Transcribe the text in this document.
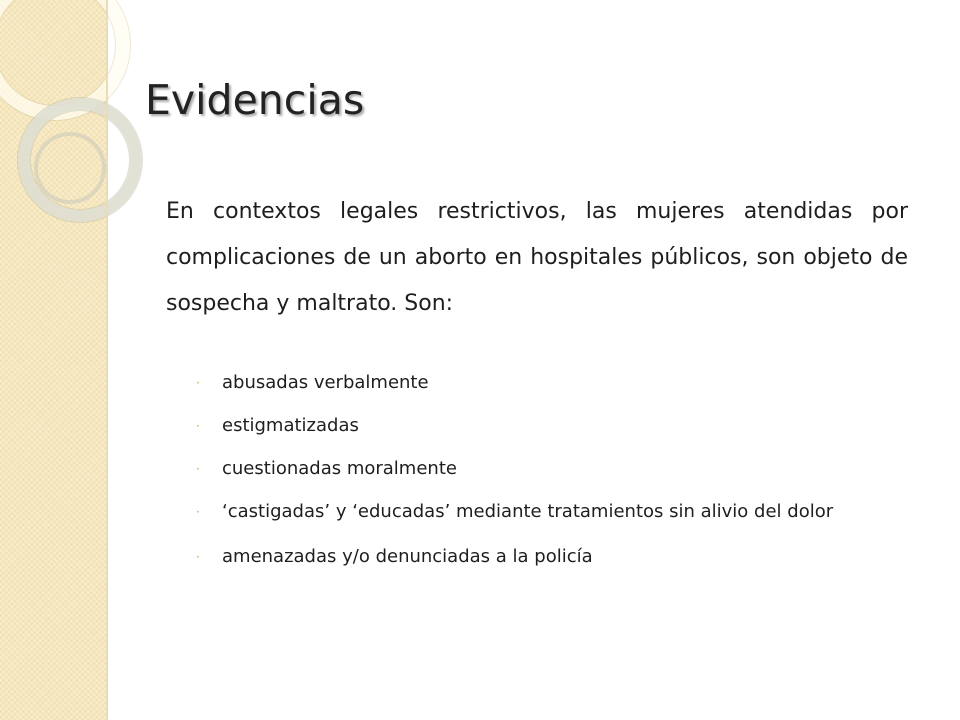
Evidencias

En contextos legales restrictivos, las mujeres atendidas por complicaciones de un aborto en hospitales públicos, son objeto de sospecha y maltrato. Son:

·	abusadas verbalmente
·	estigmatizadas
·	cuestionadas moralmente
·	‘castigadas’ y ‘educadas’ mediante tratamientos sin alivio del dolor
·	amenazadas y/o denunciadas a la policía
